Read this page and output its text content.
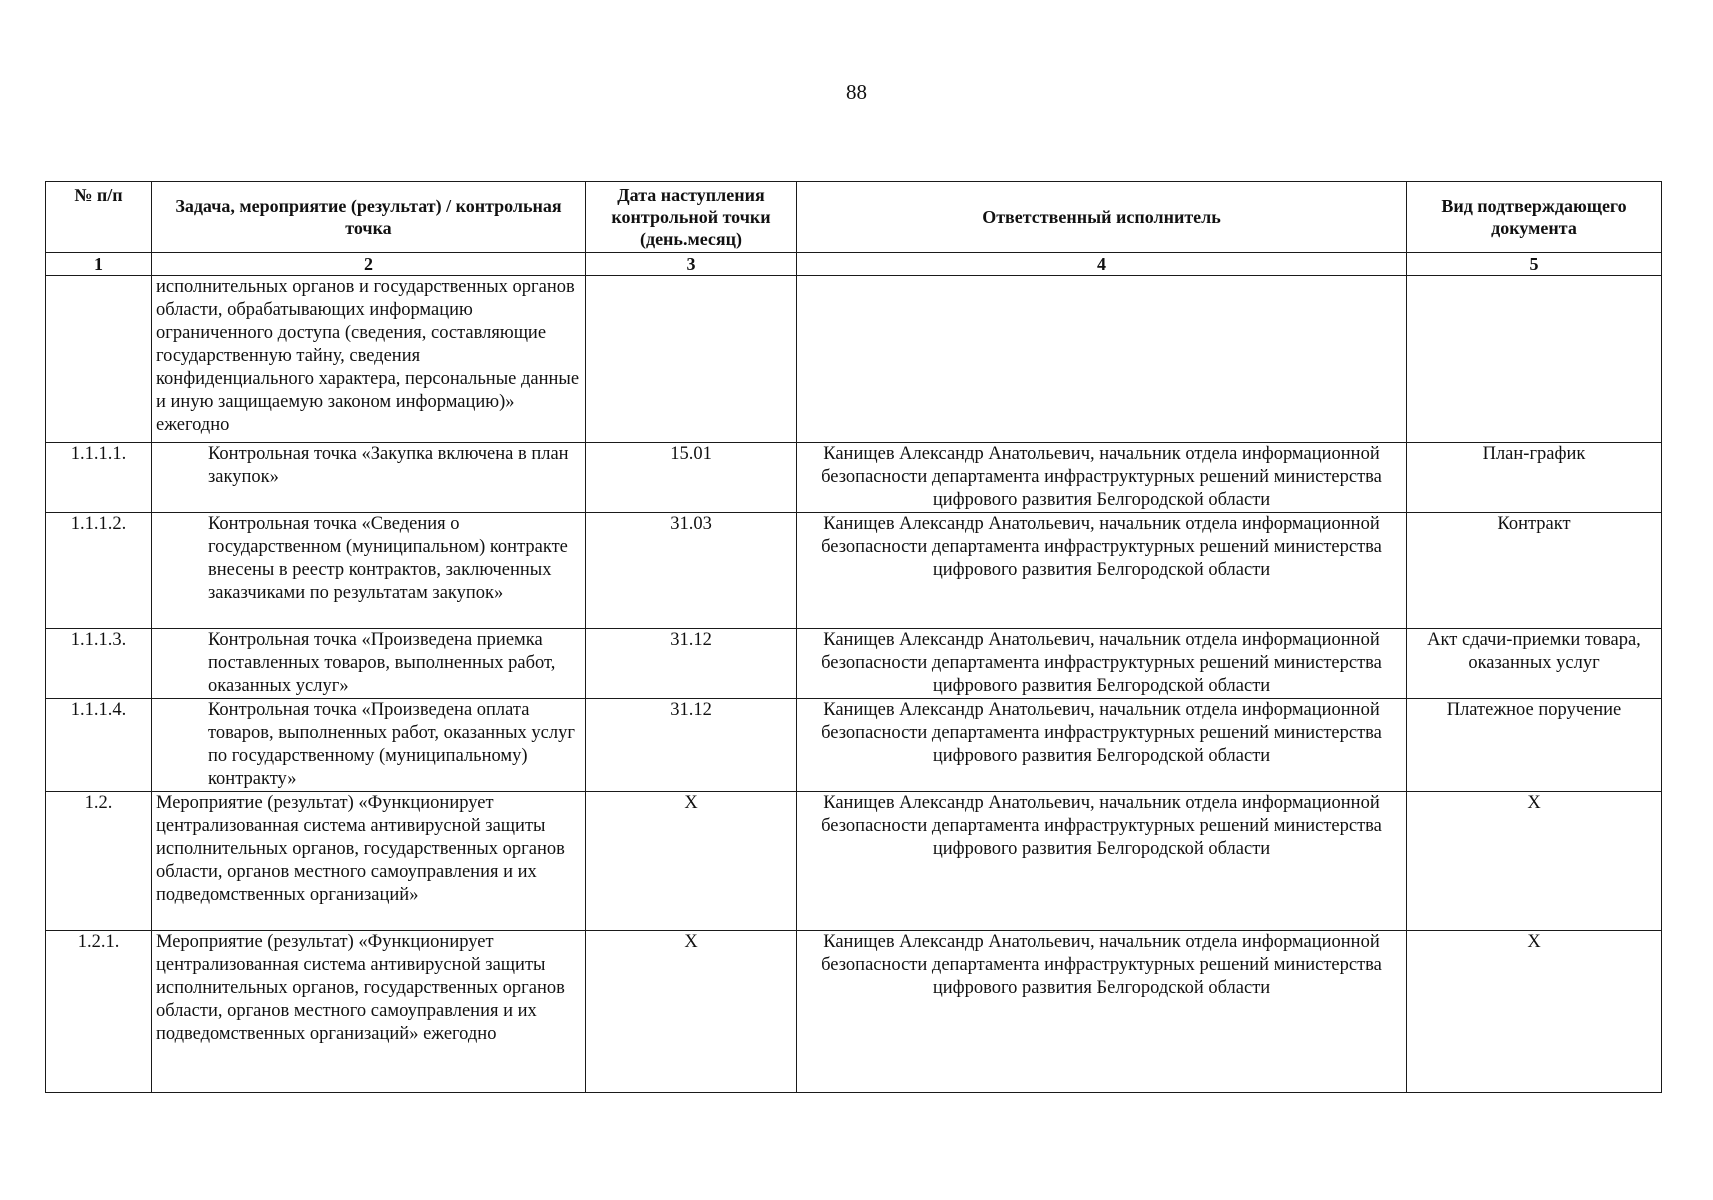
88
№ п/п	Задача, мероприятие (результат) / контрольная точка	Дата наступления контрольной точки (день.месяц)	Ответственный исполнитель	Вид подтверждающего документа
1	2	3	4	5
	исполнительных органов и государственных органов области, обрабатывающих информацию ограниченного доступа (сведения, составляющие государственную тайну, сведения конфиденциального характера, персональные данные и иную защищаемую законом информацию)» ежегодно			
1.1.1.1.	Контрольная точка «Закупка включена в план закупок»	15.01	Канищев Александр Анатольевич, начальник отдела информационной безопасности департамента инфраструктурных решений министерства цифрового развития Белгородской области	План-график
1.1.1.2.	Контрольная точка «Сведения о государственном (муниципальном) контракте внесены в реестр контрактов, заключенных заказчиками по результатам закупок»	31.03	Канищев Александр Анатольевич, начальник отдела информационной безопасности департамента инфраструктурных решений министерства цифрового развития Белгородской области	Контракт
1.1.1.3.	Контрольная точка «Произведена приемка поставленных товаров, выполненных работ, оказанных услуг»	31.12	Канищев Александр Анатольевич, начальник отдела информационной безопасности департамента инфраструктурных решений министерства цифрового развития Белгородской области	Акт сдачи-приемки товара, оказанных услуг
1.1.1.4.	Контрольная точка «Произведена оплата товаров, выполненных работ, оказанных услуг по государственному (муниципальному) контракту»	31.12	Канищев Александр Анатольевич, начальник отдела информационной безопасности департамента инфраструктурных решений министерства цифрового развития Белгородской области	Платежное поручение
1.2.	Мероприятие (результат) «Функционирует централизованная система антивирусной защиты исполнительных органов, государственных органов области, органов местного самоуправления и их подведомственных организаций»	X	Канищев Александр Анатольевич, начальник отдела информационной безопасности департамента инфраструктурных решений министерства цифрового развития Белгородской области	X
1.2.1.	Мероприятие (результат) «Функционирует централизованная система антивирусной защиты исполнительных органов, государственных органов области, органов местного самоуправления и их подведомственных организаций» ежегодно	X	Канищев Александр Анатольевич, начальник отдела информационной безопасности департамента инфраструктурных решений министерства цифрового развития Белгородской области	X
